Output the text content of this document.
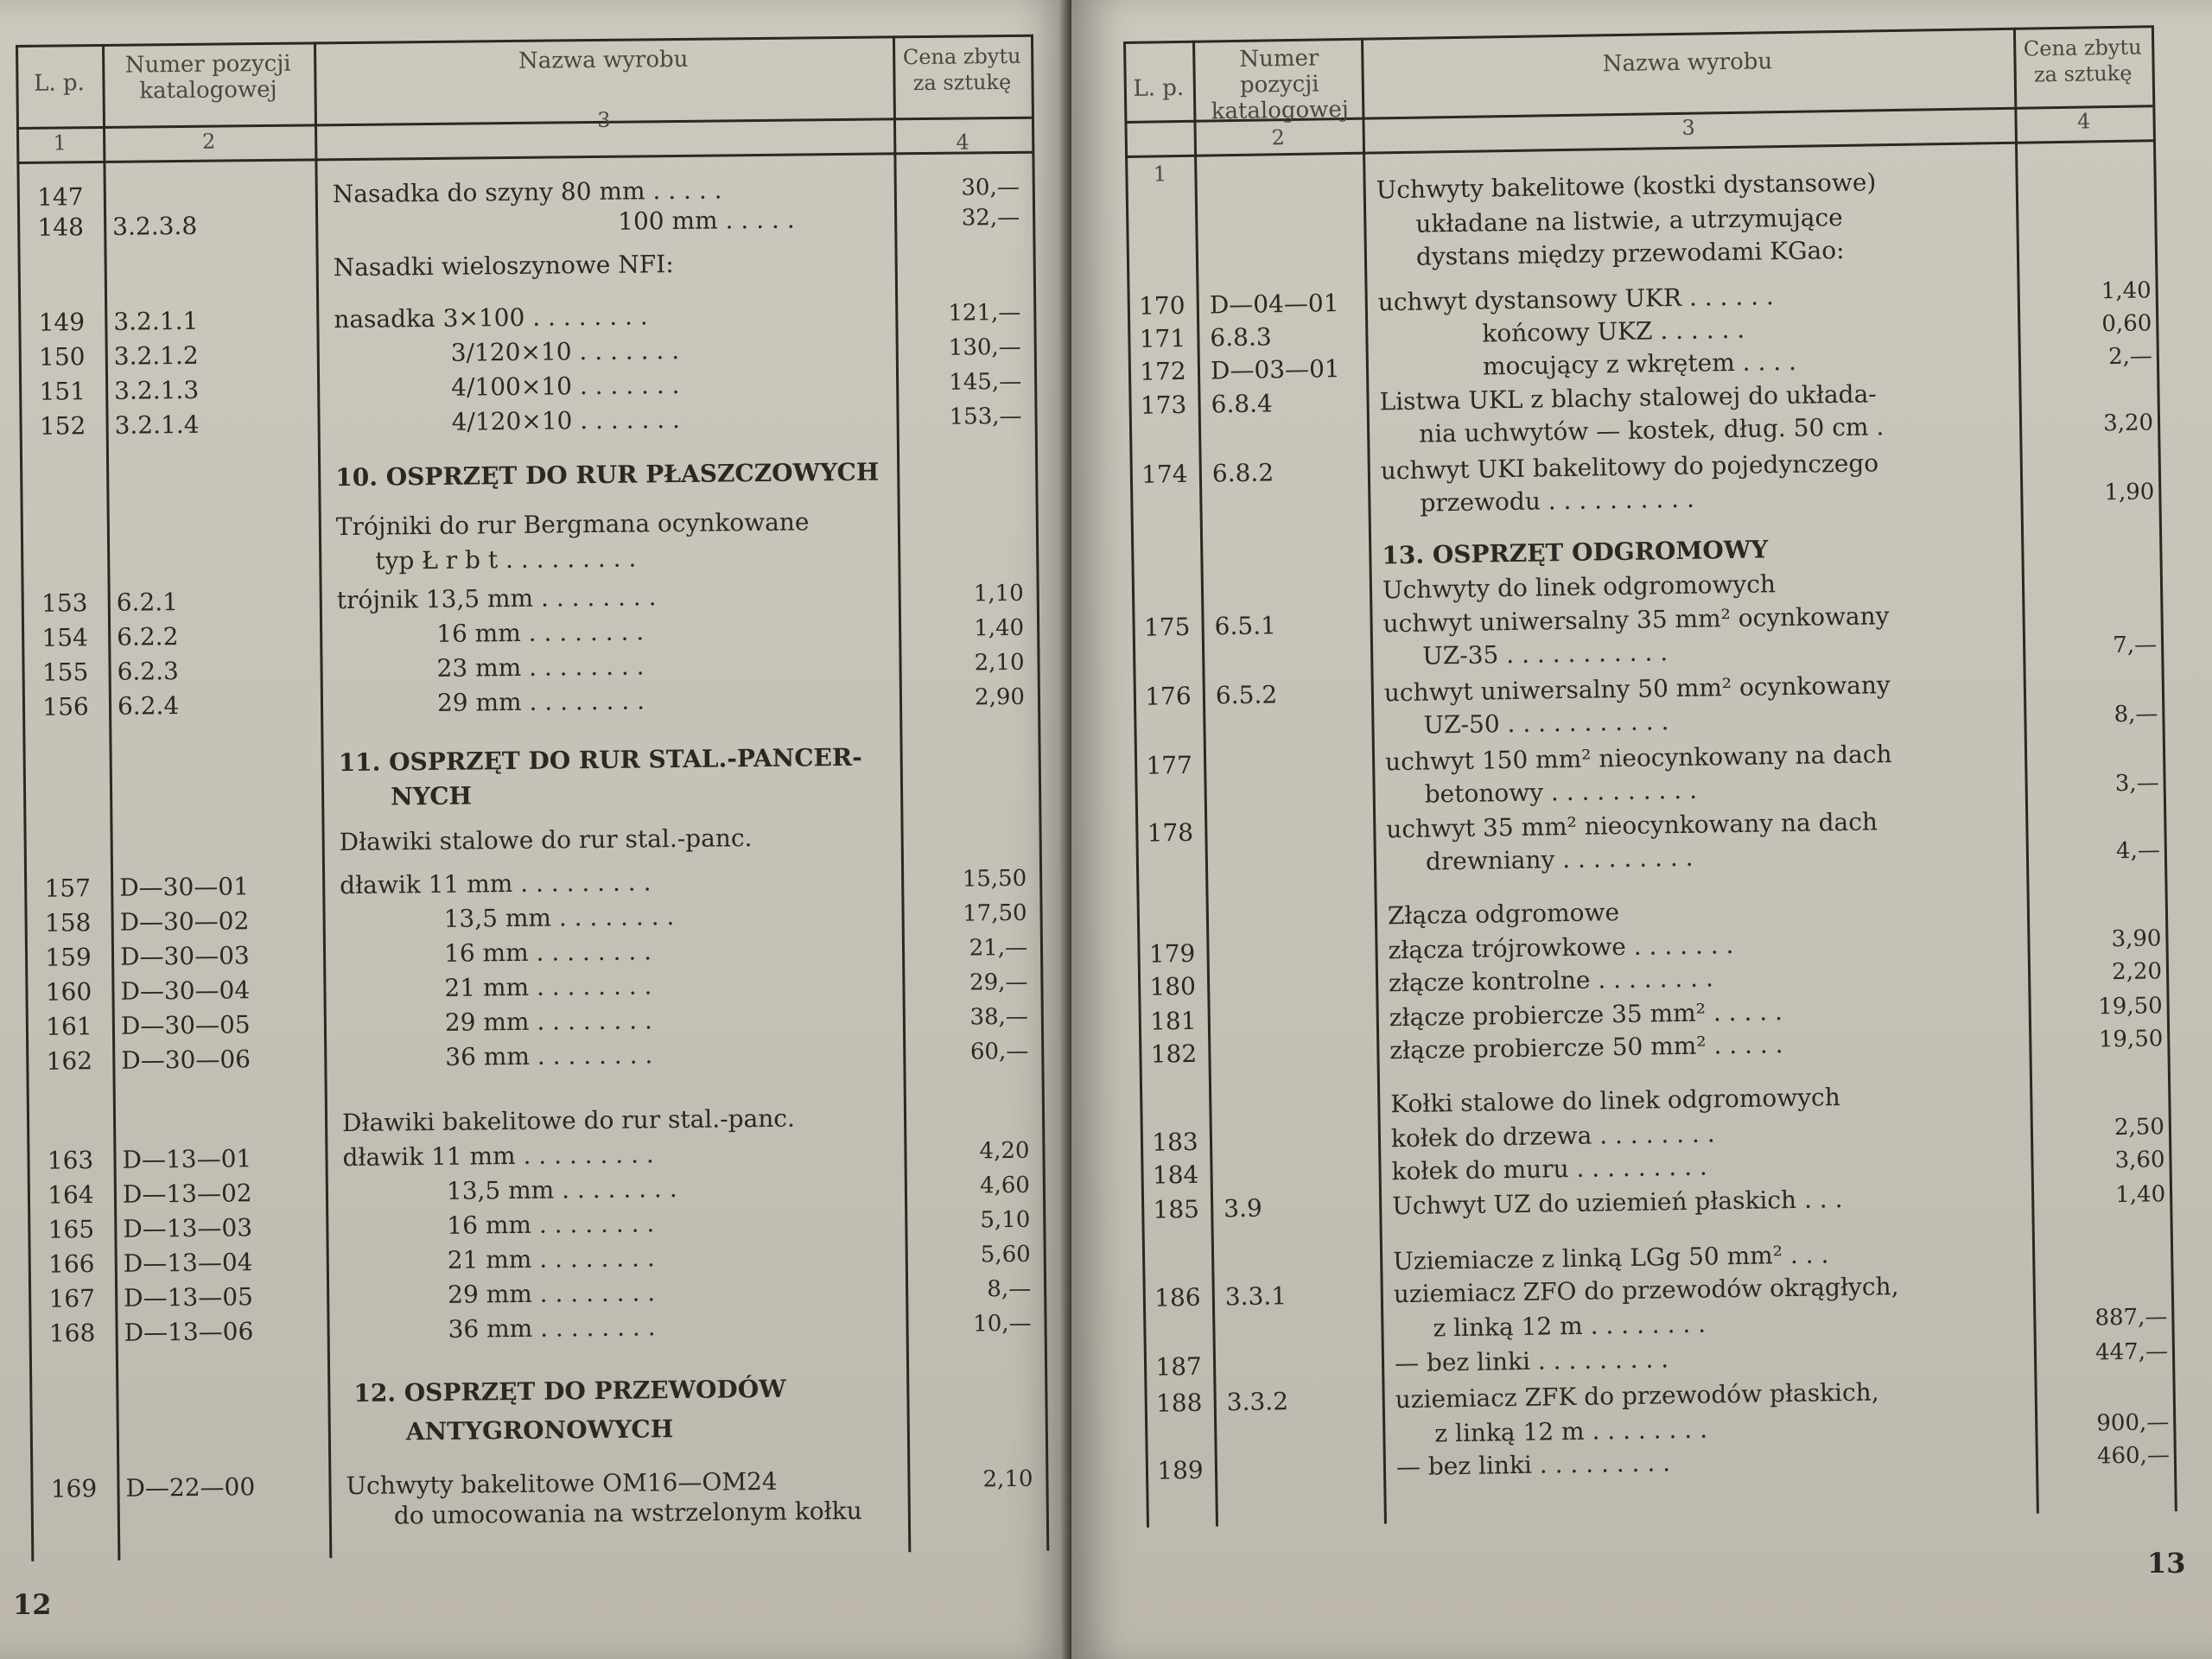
L. p.
Numer pozycji katalogowej
Nazwa wyrobu	Cena zbytu za sztukę
1	2
3
4
147	Nasadka do szyny 80 mm . . . . .	30,—
148	3.2.3.8	100 mm . . . . .	32,—
Nasadki wieloszynowe NFI:
149	3.2.1.1	nasadka 3×100 . . . . . . . .	121,—
150	3.2.1.2	3/120×10 . . . . . . .	130,—
151	3.2.1.3	4/100×10 . . . . . . .	145,—
152	3.2.1.4	4/120×10 . . . . . . .	153,—
10. OSPRZĘT DO RUR PŁASZCZOWYCH
Trójniki do rur Bergmana ocynkowane
typ Ł r b t . . . . . . . . .
153	6.2.1	trójnik 13,5 mm . . . . . . . .	1,10
154	6.2.2	16 mm . . . . . . . .	1,40
155	6.2.3	23 mm . . . . . . . .	2,10
156	6.2.4	29 mm . . . . . . . .	2,90
11. OSPRZĘT DO RUR STAL.-PANCER-
NYCH
Dławiki stalowe do rur stal.-panc.
157	D—30—01	dławik 11 mm . . . . . . . . .	15,50
158	D—30—02	13,5 mm . . . . . . . .	17,50
159	D—30—03	16 mm . . . . . . . .	21,—
160	D—30—04	21 mm . . . . . . . .	29,—
161	D—30—05	29 mm . . . . . . . .	38,—
162	D—30—06	36 mm . . . . . . . .	60,—
Dławiki bakelitowe do rur stal.-panc.
163	D—13—01	dławik 11 mm . . . . . . . . .	4,20
164	D—13—02	13,5 mm . . . . . . . .	4,60
165	D—13—03	16 mm . . . . . . . .	5,10
166	D—13—04	21 mm . . . . . . . .	5,60
167	D—13—05	29 mm . . . . . . . .	8,—
168	D—13—06	36 mm . . . . . . . .	10,—
12. OSPRZĘT DO PRZEWODÓW
ANTYGRONOWYCH
169	D—22—00	Uchwyty bakelitowe OM16—OM24	2,10
do umocowania na wstrzelonym kołku
12
L. p.
Numer pozycji katalogowej
Nazwa wyrobu
Cena zbytu za sztukę
1
2	3	4
Uchwyty bakelitowe (kostki dystansowe)
układane na listwie, a utrzymujące
dystans między przewodami KGao:
170 D—04—01	uchwyt dystansowy UKR . . . . . .	1,40
171 6.8.3	końcowy UKZ . . . . . .	0,60
172 D—03—01	mocujący z wkrętem . . . .	2,—
173 6.8.4	Listwa UKL z blachy stalowej do układa-
nia uchwytów — kostek, dług. 50 cm .	3,20
174 6.8.2	uchwyt UKI bakelitowy do pojedynczego
przewodu . . . . . . . . . .	1,90
13. OSPRZĘT ODGROMOWY
Uchwyty do linek odgromowych
175 6.5.1	uchwyt uniwersalny 35 mm² ocynkowany
UZ-35 . . . . . . . . . . .	7,—
176 6.5.2	uchwyt uniwersalny 50 mm² ocynkowany
UZ-50 . . . . . . . . . . .	8,—
177	uchwyt 150 mm² nieocynkowany na dach
betonowy . . . . . . . . . .	3,—
178	uchwyt 35 mm² nieocynkowany na dach
drewniany . . . . . . . . .	4,—
Złącza odgromowe
179	złącza trójrowkowe . . . . . . .	3,90
180	złącze kontrolne . . . . . . . .	2,20
181	złącze probiercze 35 mm² . . . . .	19,50
182	złącze probiercze 50 mm² . . . . .	19,50
Kołki stalowe do linek odgromowych
183	kołek do drzewa . . . . . . . .	2,50
184	kołek do muru . . . . . . . . .	3,60
185 3.9	Uchwyt UZ do uziemień płaskich . . .	1,40
Uziemiacze z linką LGg 50 mm² . . .
186 3.3.1	uziemiacz ZFO do przewodów okrągłych,
z linką 12 m . . . . . . . .	887,—
187	— bez linki . . . . . . . . .	447,—
188 3.3.2	uziemiacz ZFK do przewodów płaskich,
z linką 12 m . . . . . . . .	900,—
189	— bez linki . . . . . . . . .	460,—
13
